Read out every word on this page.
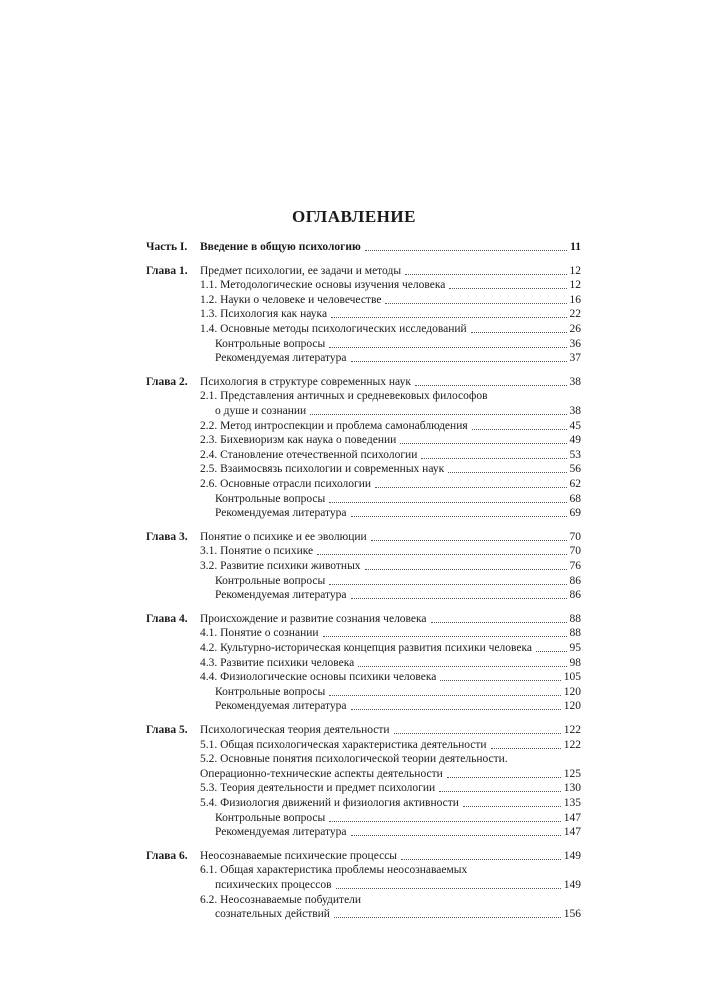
ОГЛАВЛЕНИЕ
Часть I. Введение в общую психологию	11
Глава 1. Предмет психологии, ее задачи и методы	12
1.1. Методологические основы изучения человека	12
1.2. Науки о человеке и человечестве	16
1.3. Психология как наука	22
1.4. Основные методы психологических исследований	26
Контрольные вопросы	36
Рекомендуемая литература	37
Глава 2. Психология в структуре современных наук	38
2.1. Представления античных и средневековых философов
о душе и сознании	38
2.2. Метод интроспекции и проблема самонаблюдения	45
2.3. Бихевиоризм как наука о поведении	49
2.4. Становление отечественной психологии	53
2.5. Взаимосвязь психологии и современных наук	56
2.6. Основные отрасли психологии	62
Контрольные вопросы	68
Рекомендуемая литература	69
Глава 3. Понятие о психике и ее эволюции	70
3.1. Понятие о психике	70
3.2. Развитие психики животных	76
Контрольные вопросы	86
Рекомендуемая литература	86
Глава 4. Происхождение и развитие сознания человека	88
4.1. Понятие о сознании	88
4.2. Культурно-историческая концепция развития психики человека	95
4.3. Развитие психики человека	98
4.4. Физиологические основы психики человека	105
Контрольные вопросы	120
Рекомендуемая литература	120
Глава 5. Психологическая теория деятельности	122
5.1. Общая психологическая характеристика деятельности	122
5.2. Основные понятия психологической теории деятельности.
Операционно-технические аспекты деятельности	125
5.3. Теория деятельности и предмет психологии	130
5.4. Физиология движений и физиология активности	135
Контрольные вопросы	147
Рекомендуемая литература	147
Глава 6. Неосознаваемые психические процессы	149
6.1. Общая характеристика проблемы неосознаваемых
психических процессов	149
6.2. Неосознаваемые побудители
сознательных действий	156
